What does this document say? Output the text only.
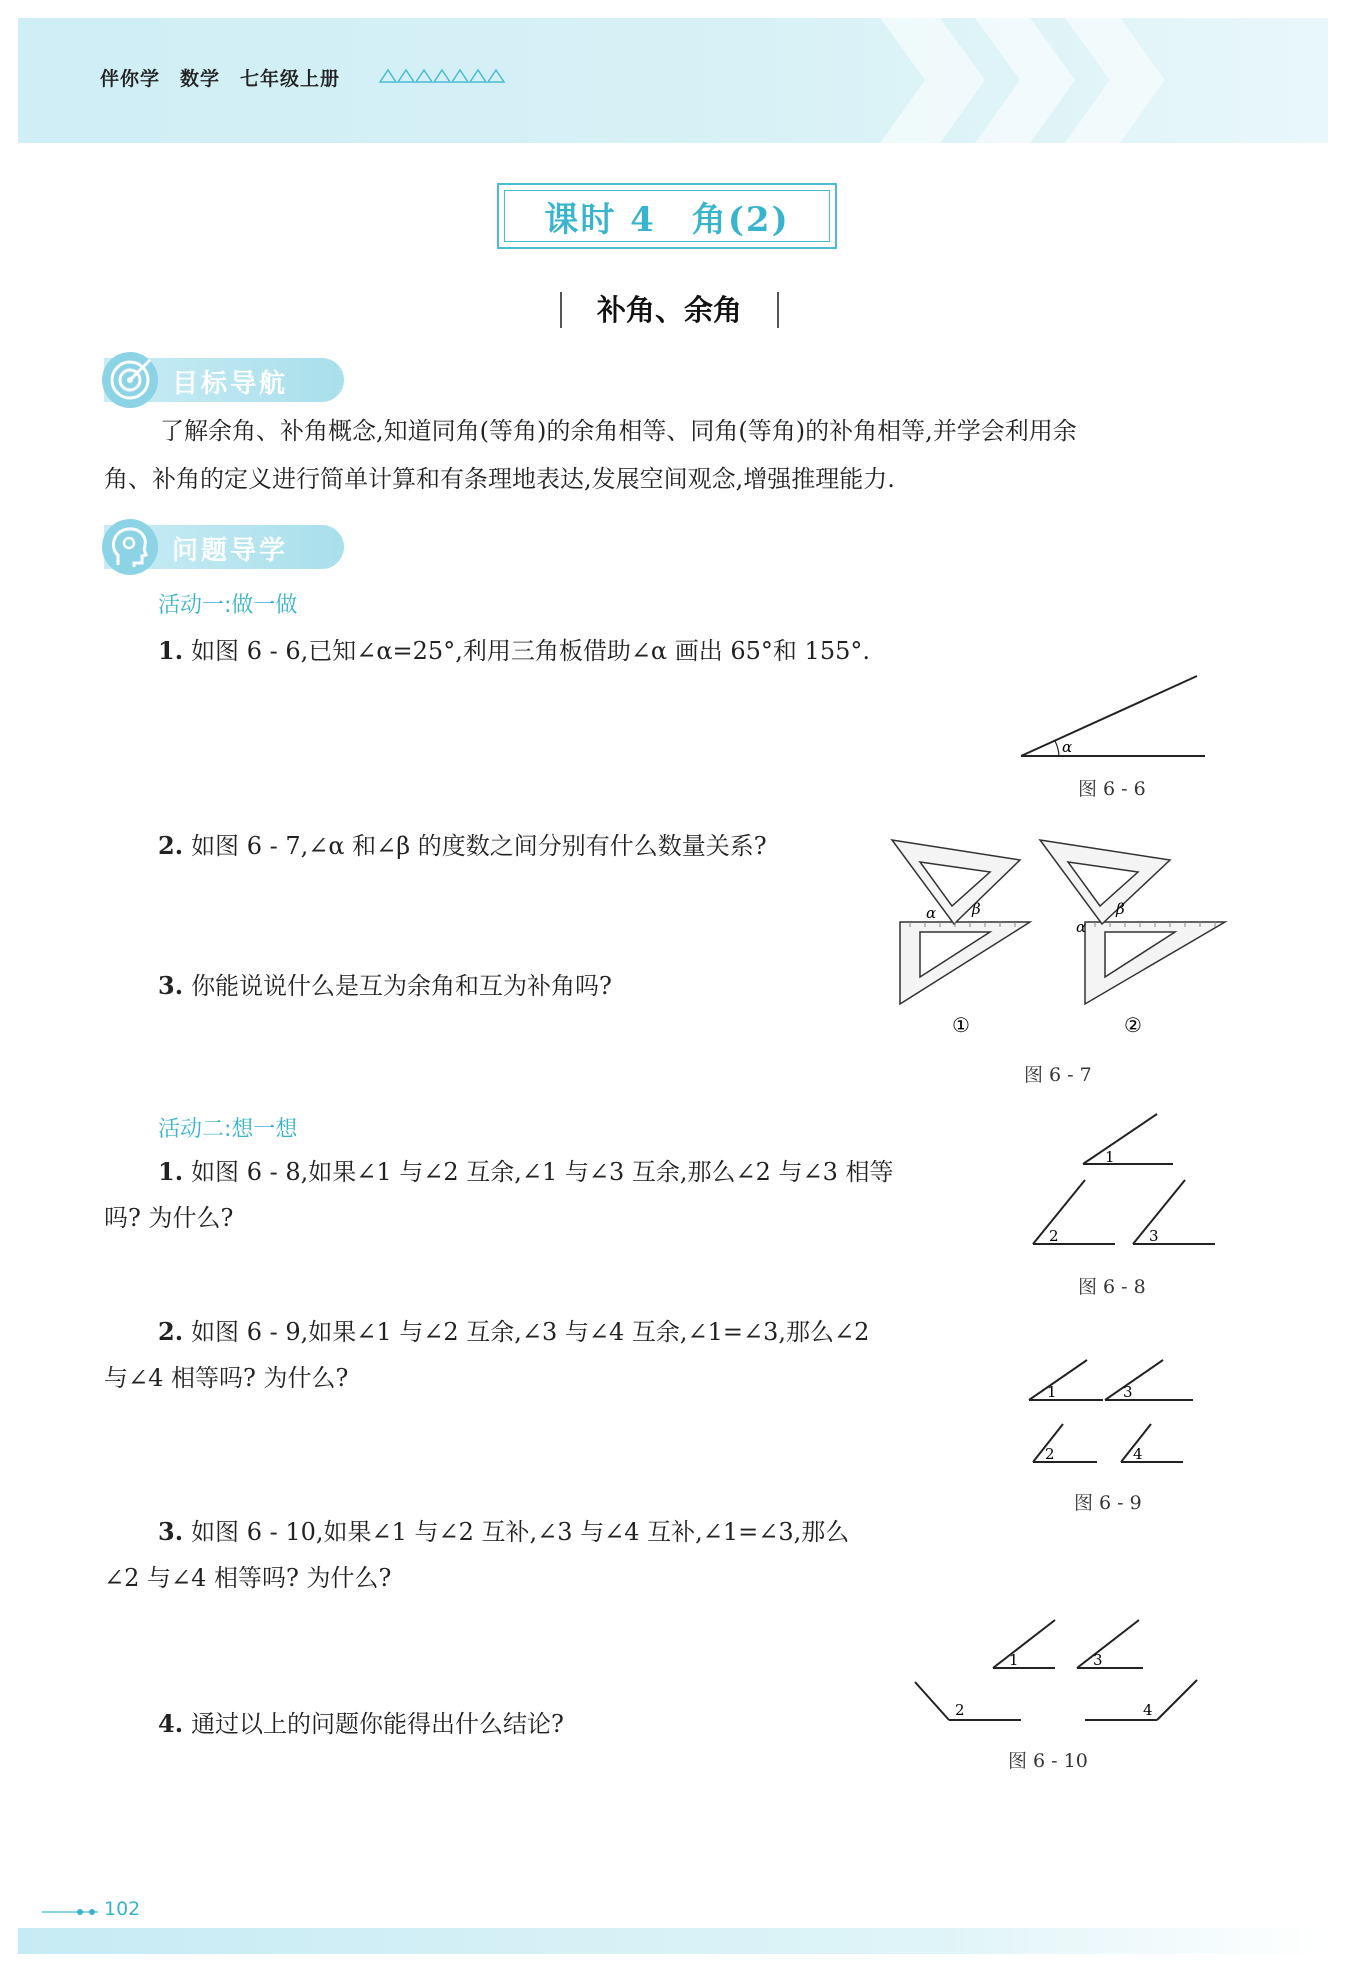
伴你学　数学　七年级上册
课时 4　角(2)
补角、余角
目标导航
了解余角、补角概念,知道同角(等角)的余角相等、同角(等角)的补角相等,并学会利用余
角、补角的定义进行简单计算和有条理地表达,发展空间观念,增强推理能力.
问题导学
活动一:做一做
1. 如图 6 - 6,已知∠α=25°,利用三角板借助∠α 画出 65°和 155°.
α
图 6 - 6
2. 如图 6 - 7,∠α 和∠β 的度数之间分别有什么数量关系?
α β
α
β
①	②
图 6 - 7
3. 你能说说什么是互为余角和互为补角吗?
活动二:想一想
1. 如图 6 - 8,如果∠1 与∠2 互余,∠1 与∠3 互余,那么∠2 与∠3 相等
吗? 为什么?
1
2	3
图 6 - 8
2. 如图 6 - 9,如果∠1 与∠2 互余,∠3 与∠4 互余,∠1=∠3,那么∠2
与∠4 相等吗? 为什么?	1	3
2	4
图 6 - 9
3. 如图 6 - 10,如果∠1 与∠2 互补,∠3 与∠4 互补,∠1=∠3,那么
∠2 与∠4 相等吗? 为什么?
1	3
2	4
图 6 - 10
4. 通过以上的问题你能得出什么结论?
102
